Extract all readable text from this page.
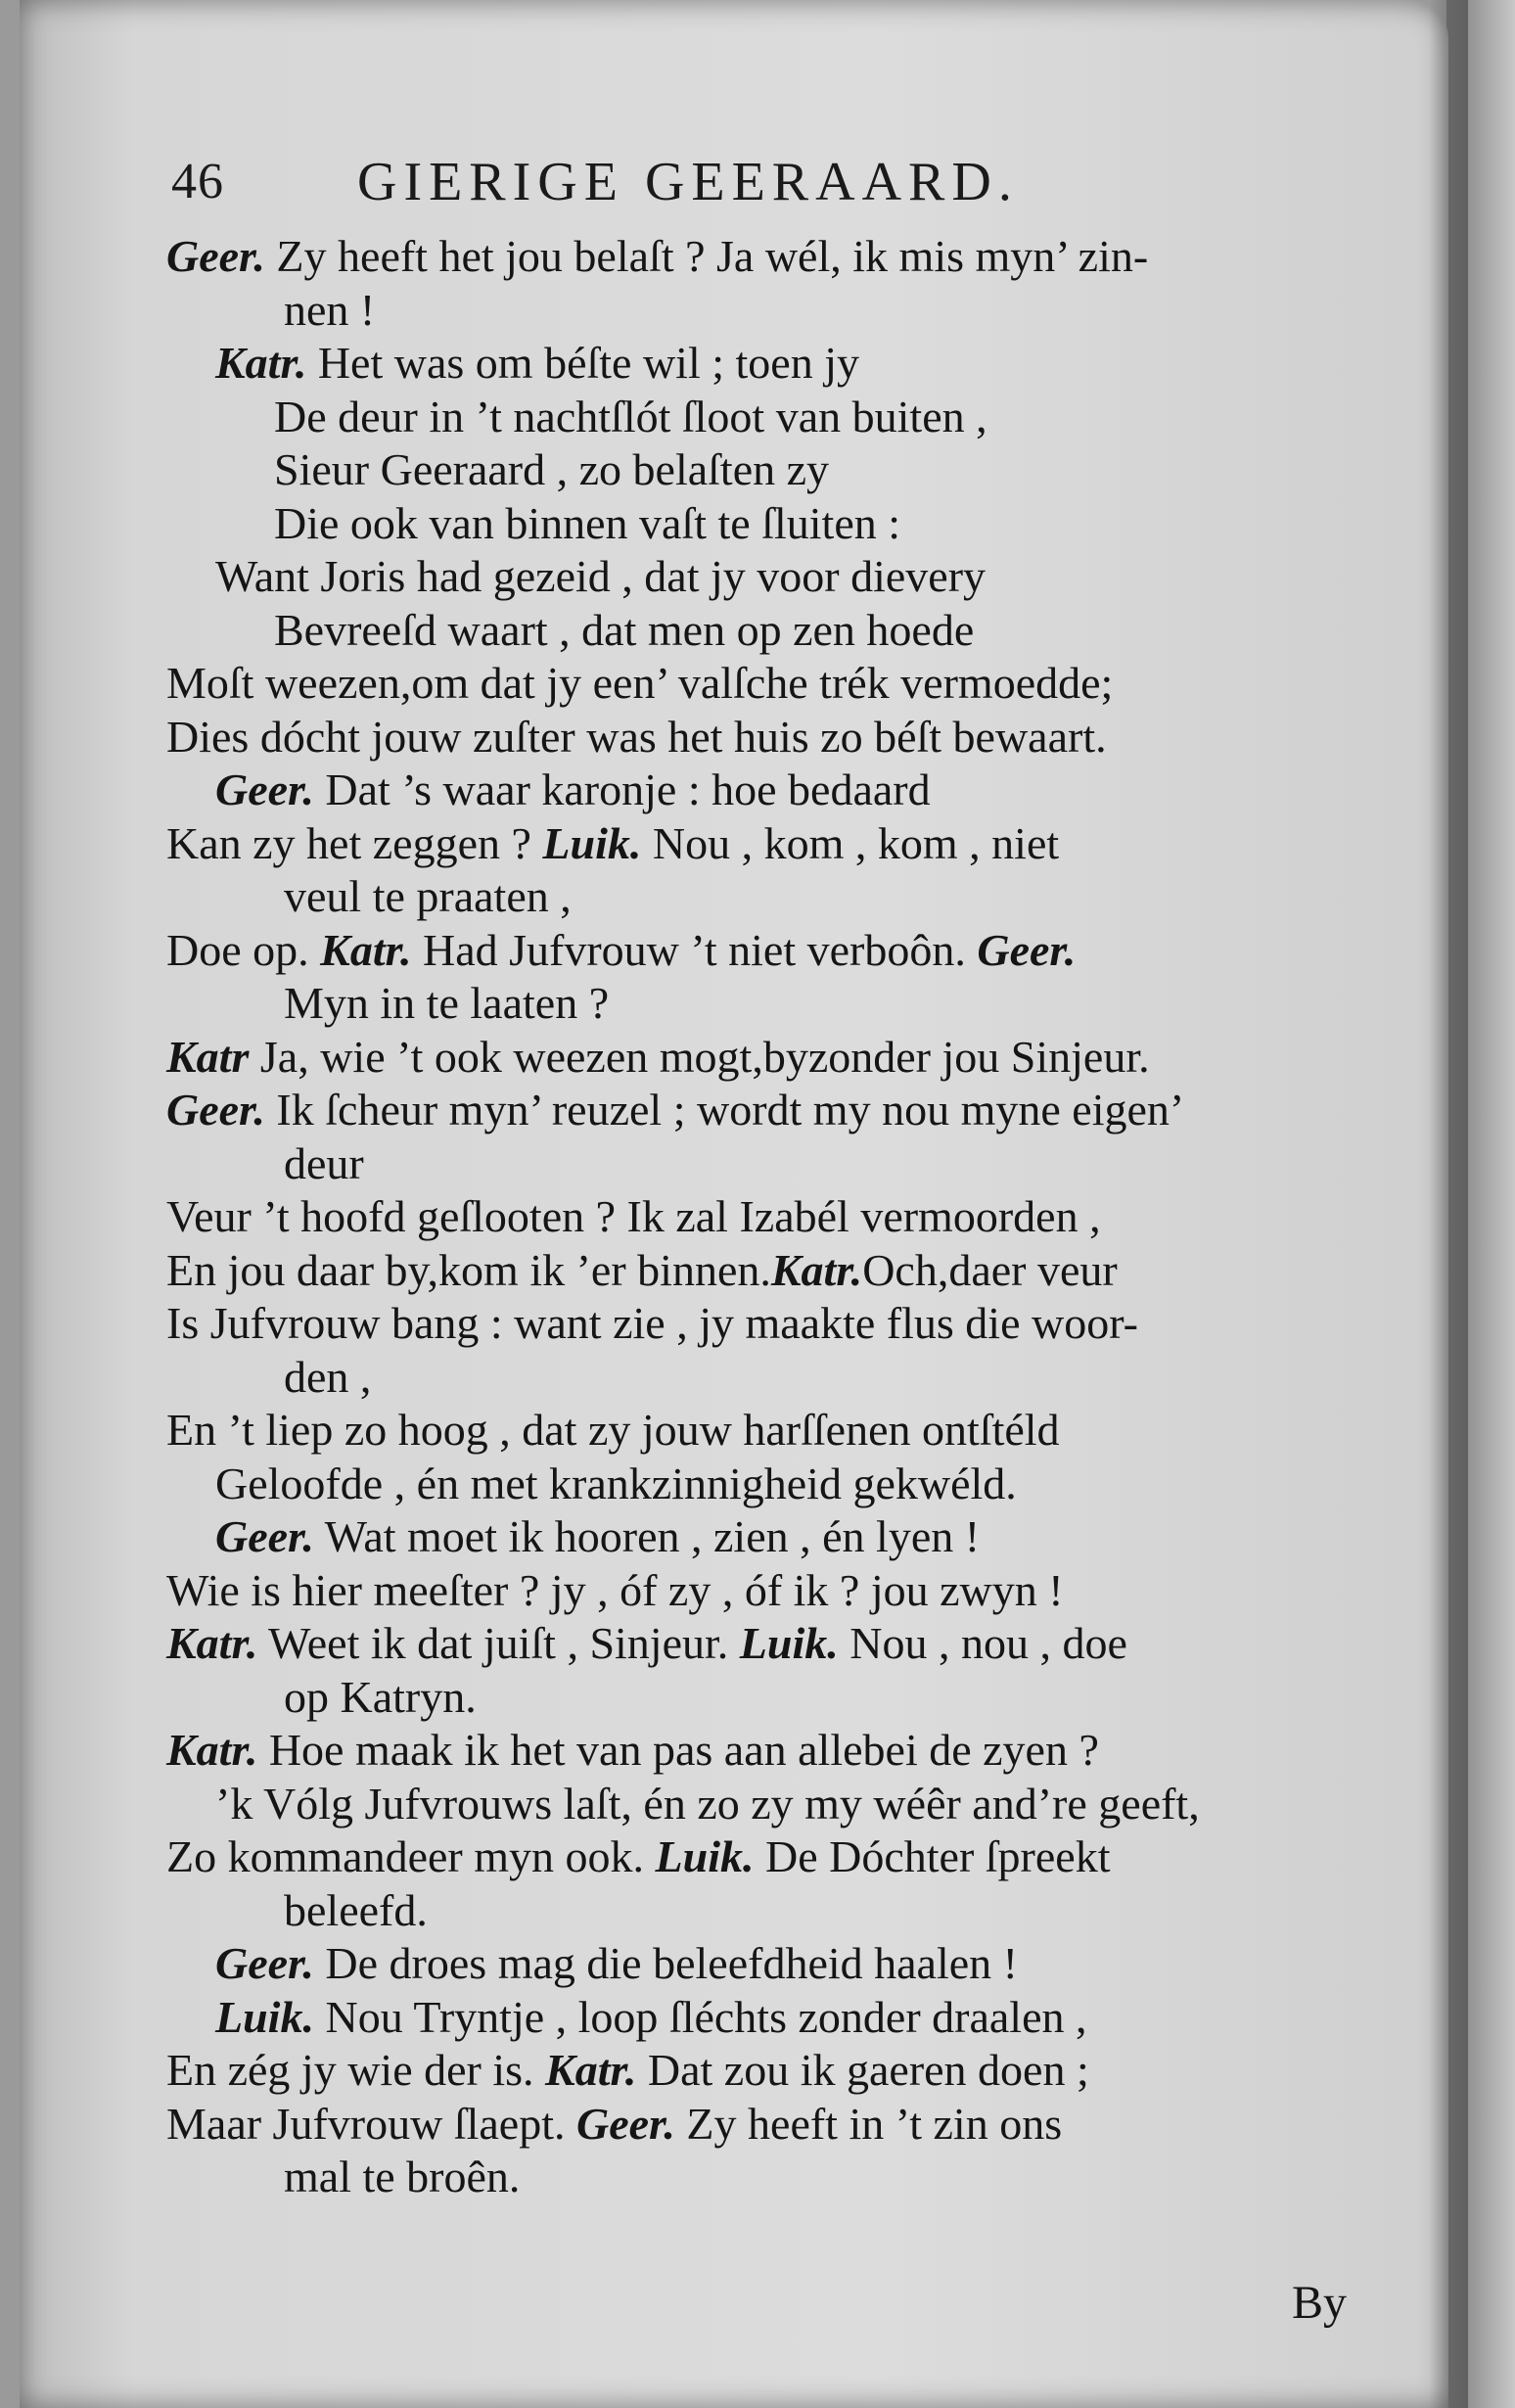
46 GIERIGE GEERAARD.
Geer. Zy heeft het jou belaſt ? Ja wél, ik mis myn’ zin-
nen !
Katr. Het was om béſte wil ; toen jy
De deur in ’t nachtſlót ſloot van buiten ,
Sieur Geeraard , zo belaſten zy
Die ook van binnen vaſt te ſluiten :
Want Joris had gezeid , dat jy voor dievery
Bevreeſd waart , dat men op zen hoede
Moſt weezen,om dat jy een’ valſche trék vermoedde;
Dies dócht jouw zuſter was het huis zo béſt bewaart.
Geer. Dat ’s waar karonje : hoe bedaard
Kan zy het zeggen ? Luik. Nou , kom , kom , niet
veul te praaten ,
Doe op. Katr. Had Jufvrouw ’t niet verboôn. Geer.
Myn in te laaten ?
Katr Ja, wie ’t ook weezen mogt,byzonder jou Sinjeur.
Geer. Ik ſcheur myn’ reuzel ; wordt my nou myne eigen’
deur
Veur ’t hoofd geſlooten ? Ik zal Izabél vermoorden ,
En jou daar by,kom ik ’er binnen.Katr.Och,daer veur
Is Jufvrouw bang : want zie , jy maakte flus die woor-
den ,
En ’t liep zo hoog , dat zy jouw harſſenen ontſtéld
Geloofde , én met krankzinnigheid gekwéld.
Geer. Wat moet ik hooren , zien , én lyen !
Wie is hier meeſter ? jy , óf zy , óf ik ? jou zwyn !
Katr. Weet ik dat juiſt , Sinjeur. Luik. Nou , nou , doe
op Katryn.
Katr. Hoe maak ik het van pas aan allebei de zyen ?
’k Vólg Jufvrouws laſt, én zo zy my wéêr and’re geeft,
Zo kommandeer myn ook. Luik. De Dóchter ſpreekt
beleefd.
Geer. De droes mag die beleefdheid haalen !
Luik. Nou Tryntje , loop ſléchts zonder draalen ,
En zég jy wie der is. Katr. Dat zou ik gaeren doen ;
Maar Jufvrouw ſlaept. Geer. Zy heeft in ’t zin ons
mal te broên.
By
